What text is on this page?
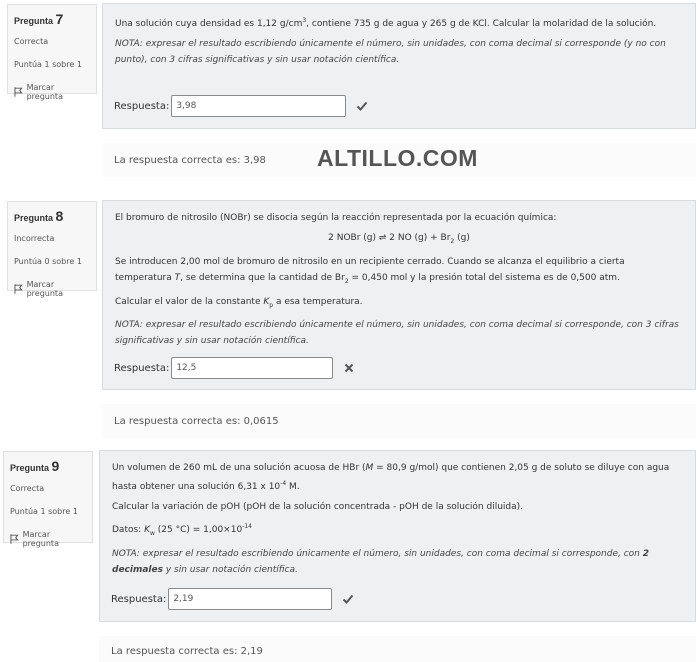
Pregunta 7
Correcta
Puntúa 1 sobre 1
Marcar pregunta

Una solución cuya densidad es 1,12 $g/cm^3$, contiene 735 g de agua y 265 g de KCl. Calcular la molaridad de la solución.

NOTA: expresar el resultado escribiendo únicamente el número, sin unidades, con coma decimal si corresponde (y no con punto), con 3 cifras significativas y sin usar notación científica.

Respuesta:
3,98
La respuesta correcta es: 3,98	ALTILLO.COM
Pregunta 8
Incorrecta
Puntúa 0 sobre 1
Marcar pregunta

El bromuro de nitrosilo (NOBr) se disocia según la reacción representada por la ecuación química:

2 NOBr (g) ⇌ 2 NO $(g) + Br_2$ (g)

Se introducen 2,00 mol de bromuro de nitrosilo en un recipiente cerrado. Cuando se alcanza el equilibrio a cierta temperatura T, se determina que la cantidad de $Br_2 = 0,450$ mol y la presión total del sistema es de 0,500 atm.

Calcular el valor de la constante $K_p$ a esa temperatura.

NOTA: expresar el resultado escribiendo únicamente el número, sin unidades, con coma decimal si corresponde, con 3 cifras significativas y sin usar notación científica.

Respuesta:
12,5
La respuesta correcta es: 0,0615
Pregunta 9
Correcta
Puntúa 1 sobre 1
Marcar pregunta

Un volumen de 260 mL de una solución acuosa de HBr (M = 80,9 g/mol) que contienen 2,05 g de soluto se diluye con agua hasta obtener una solución 6,31 x $10^{-4}$ M.

Calcular la variación de pOH (pOH de la solución concentrada - pOH de la solución diluida).

Datos: $K_w$ (25 $^\circ C) = 1,00\times 10^{-14}$

NOTA: expresar el resultado escribiendo únicamente el número, sin unidades, con coma decimal si corresponde, con 2 decimales y sin usar notación científica.

Respuesta:
2,19
La respuesta correcta es: 2,19
